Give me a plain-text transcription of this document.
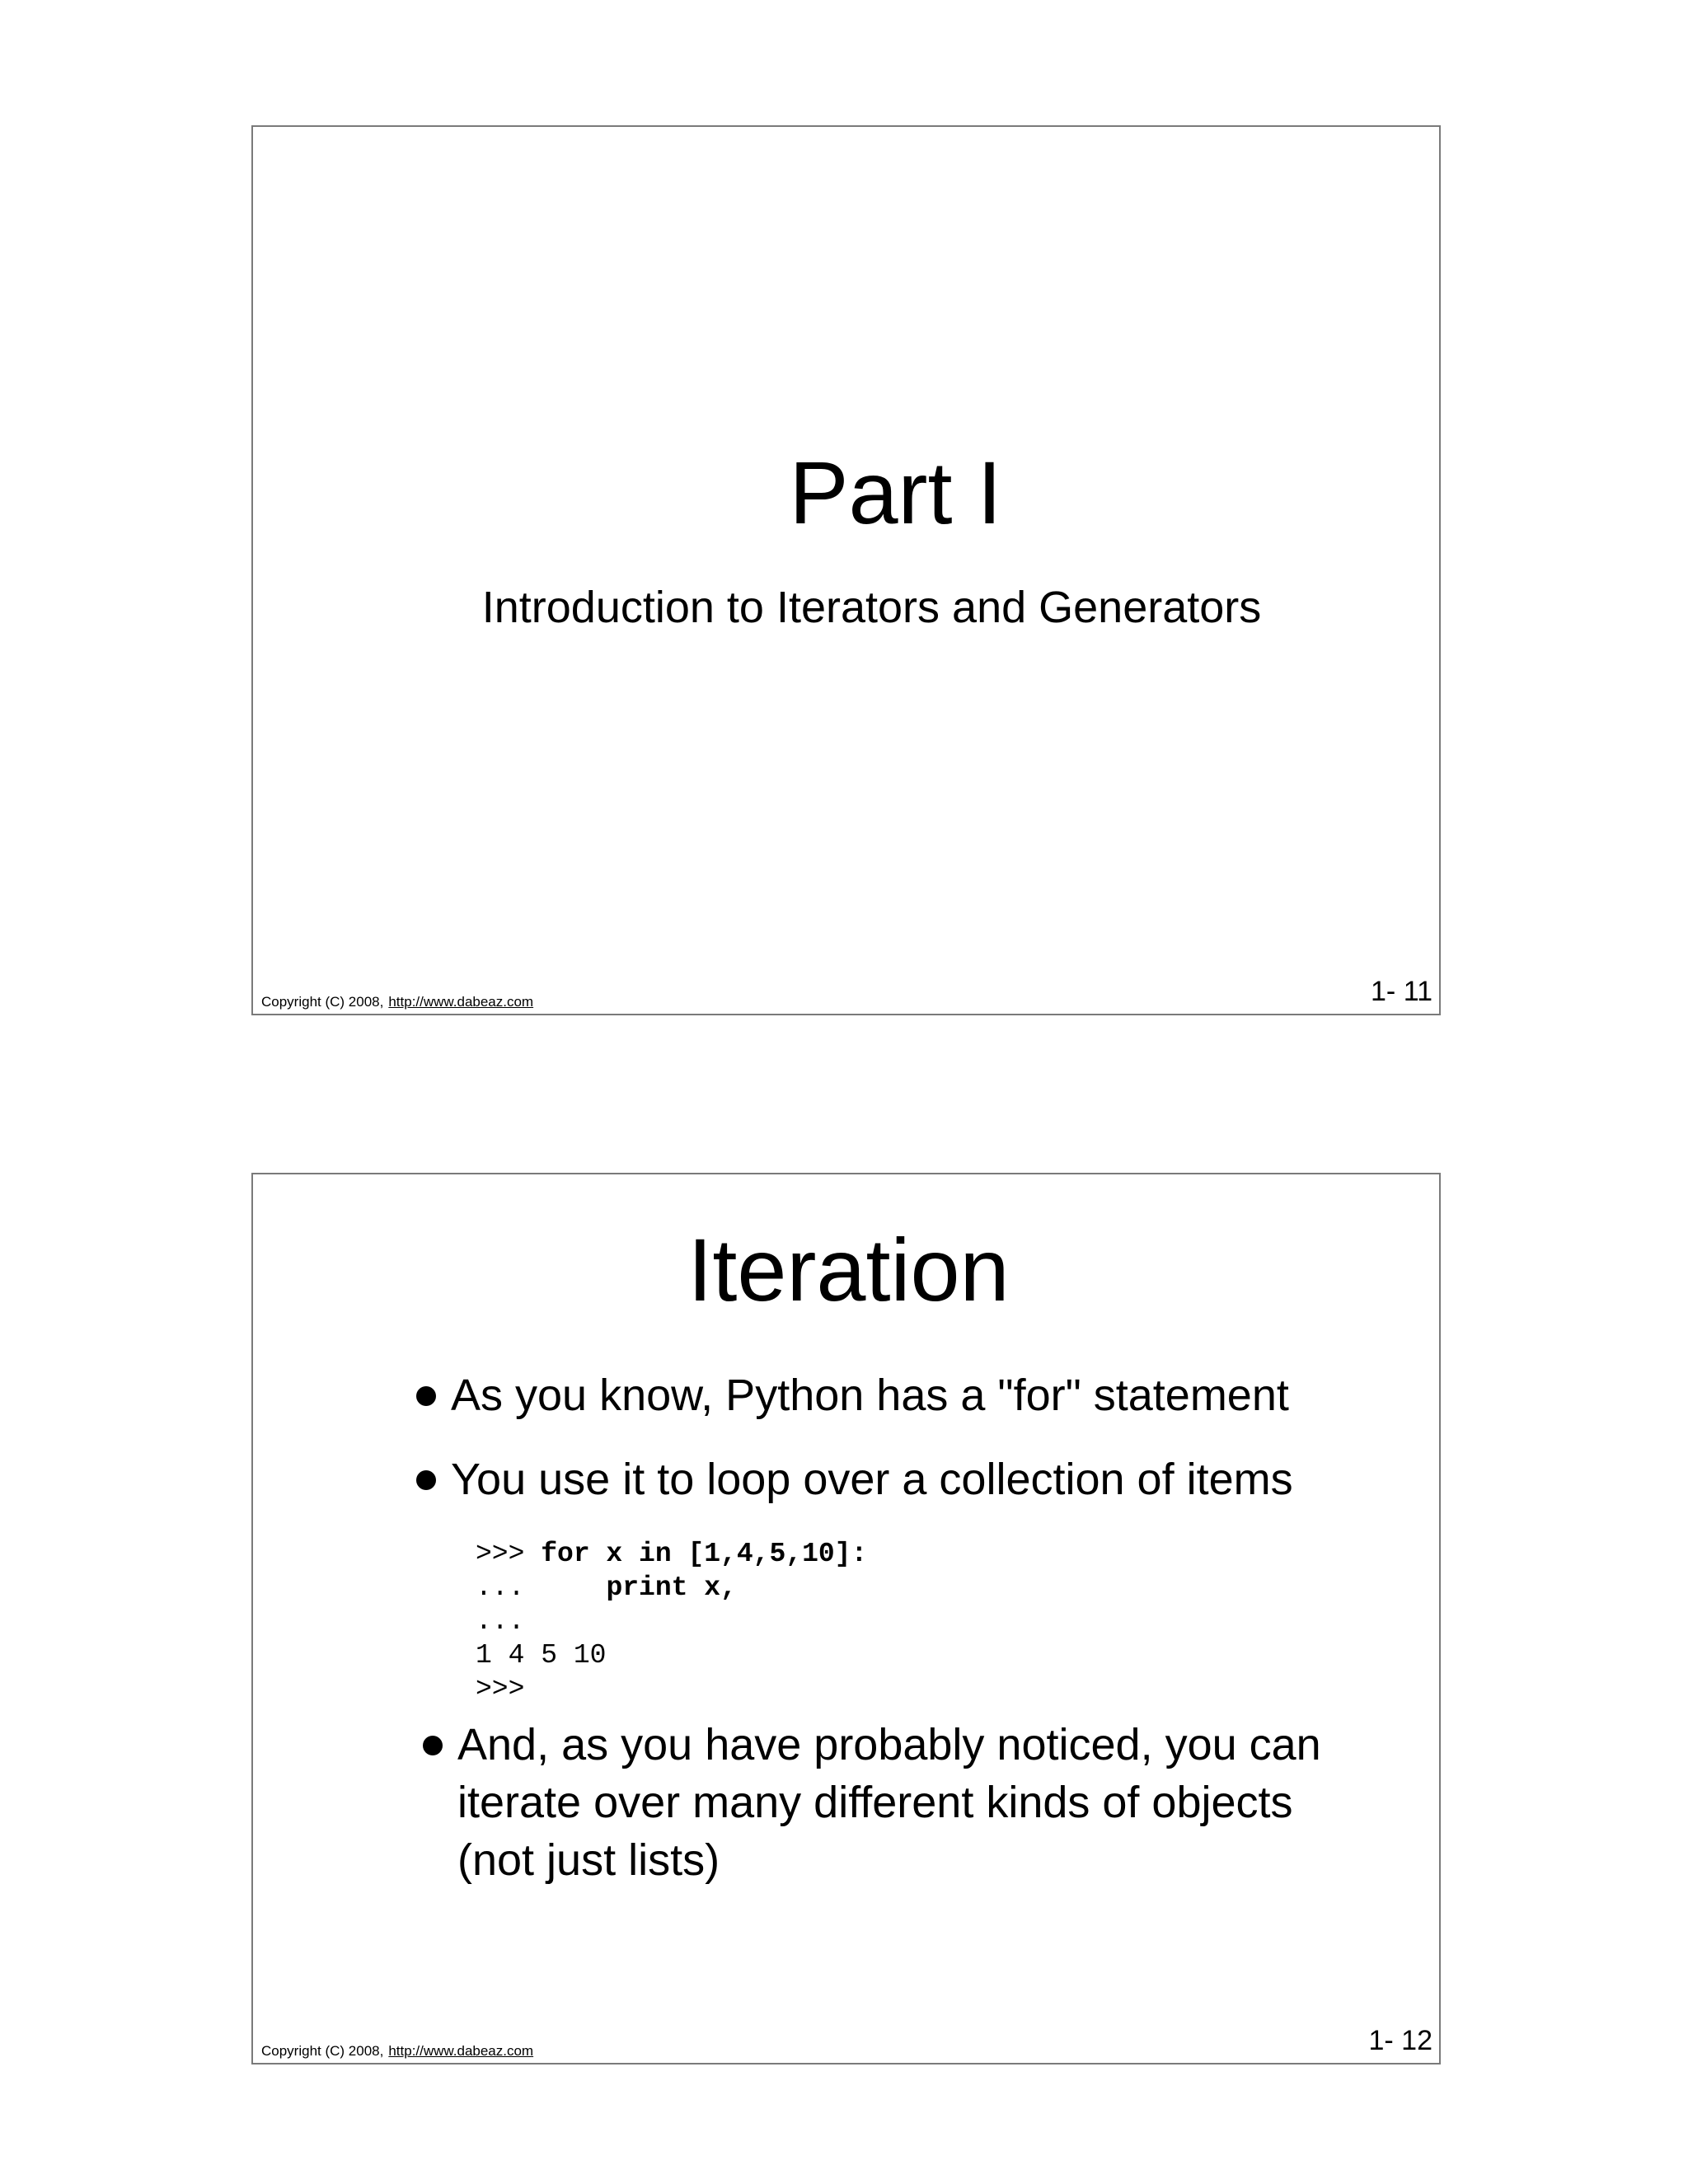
Part I
Introduction to Iterators and Generators
Copyright (C) 2008, http://www.dabeaz.com	1- 11
Iteration
As you know, Python has a "for" statement
You use it to loop over a collection of items
>>> for x in [1,4,5,10]:
...     print x,
...
1 4 5 10
>>>
And, as you have probably noticed, you can iterate over many different kinds of objects (not just lists)
Copyright (C) 2008, http://www.dabeaz.com	1- 12
